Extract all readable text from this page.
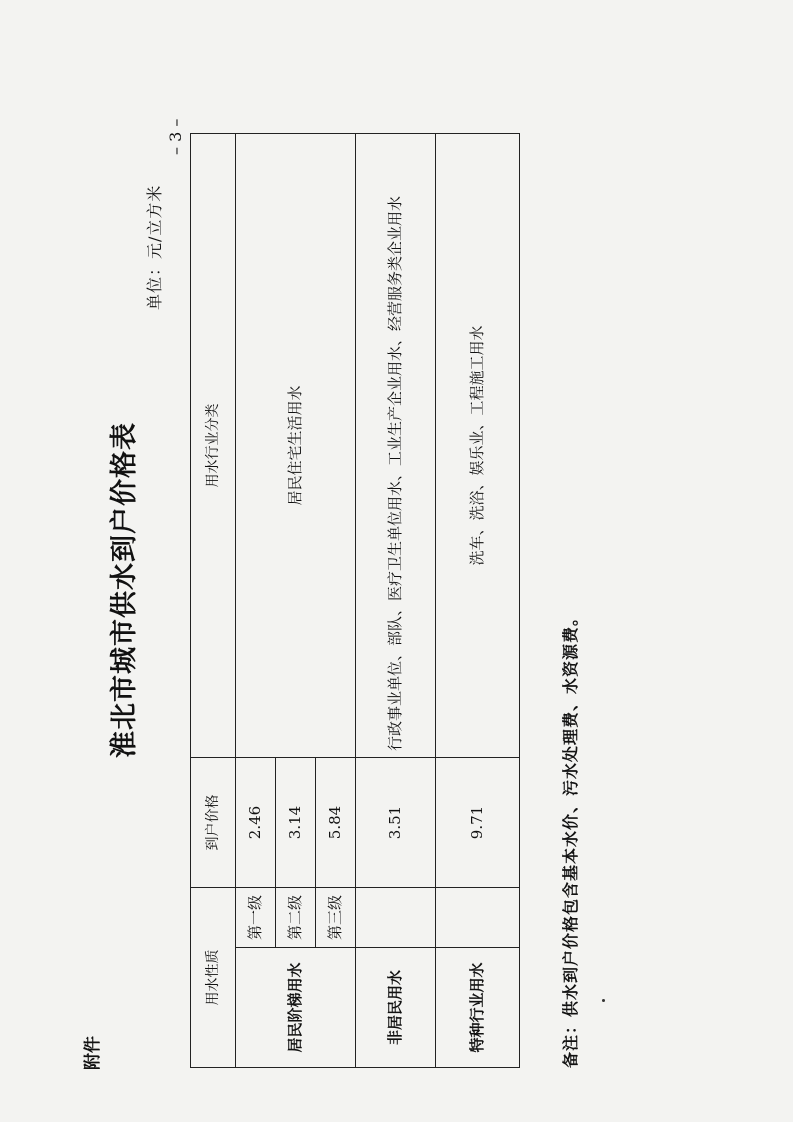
附件
淮北市城市供水到户价格表
单位：元/立方米
– 3 –
用水性质		到户价格	用水行业分类
居民阶梯用水	第一级	2.46	居民住宅生活用水
	第二级	3.14	
	第三级	5.84	
非居民用水		3.51	行政事业单位、部队、医疗卫生单位用水、工业生产企业用水、经营服务类企业用水
特种行业用水		9.71	洗车、洗浴、娱乐业、工程施工用水
备注：供水到户价格包含基本水价、污水处理费、水资源费。
